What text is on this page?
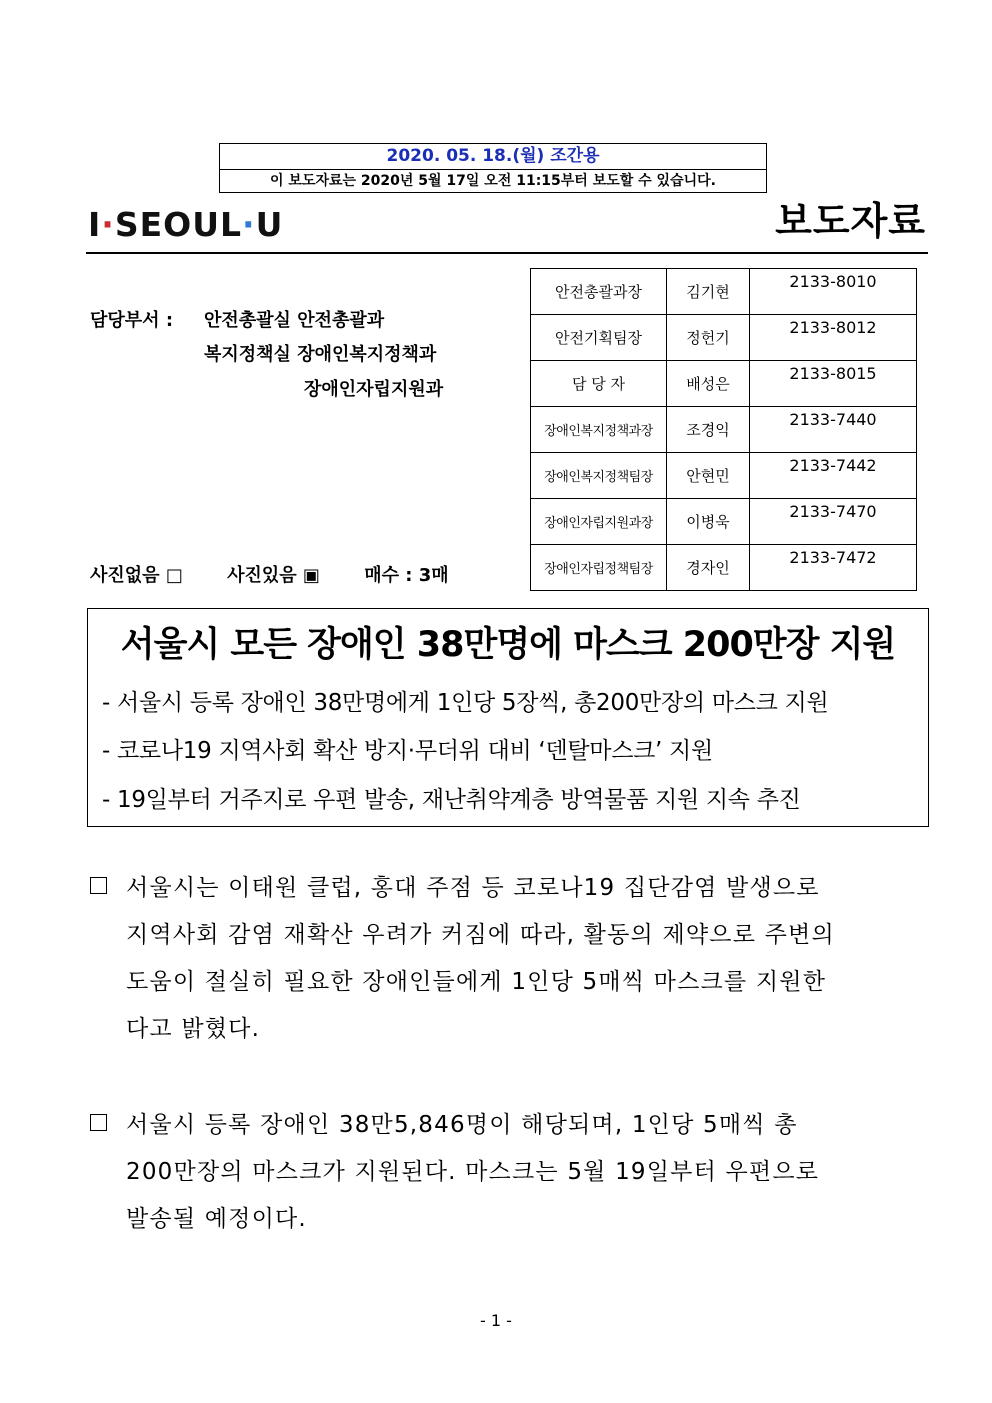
2020. 05. 18.(월) 조간용
이 보도자료는 2020년 5월 17일 오전 11:15부터 보도할 수 있습니다.
I·SEOUL·U	보도자료
담당부서 : 안전총괄실 안전총괄과
복지정책실 장애인복지정책과
장애인자립지원과
안전총괄과장	김기현	2133-8010
안전기획팀장	정헌기	2133-8012
담 당 자	배성은	2133-8015
장애인복지정책과장	조경익	2133-7440
장애인복지정책팀장	안현민	2133-7442
장애인자립지원과장	이병욱	2133-7470
장애인자립정책팀장	경자인	2133-7472
사진없음 □ 사진있음 ▣ 매수 : 3매
서울시 모든 장애인 38만명에 마스크 200만장 지원
- 서울시 등록 장애인 38만명에게 1인당 5장씩, 총200만장의 마스크 지원
- 코로나19 지역사회 확산 방지·무더위 대비 ‘덴탈마스크’ 지원
- 19일부터 거주지로 우편 발송, 재난취약계층 방역물품 지원 지속 추진
서울시는 이태원 클럽, 홍대 주점 등 코로나19 집단감염 발생으로
지역사회 감염 재확산 우려가 커짐에 따라, 활동의 제약으로 주변의
도움이 절실히 필요한 장애인들에게 1인당 5매씩 마스크를 지원한
다고 밝혔다.
서울시 등록 장애인 38만5,846명이 해당되며, 1인당 5매씩 총
200만장의 마스크가 지원된다. 마스크는 5월 19일부터 우편으로
발송될 예정이다.
- 1 -
